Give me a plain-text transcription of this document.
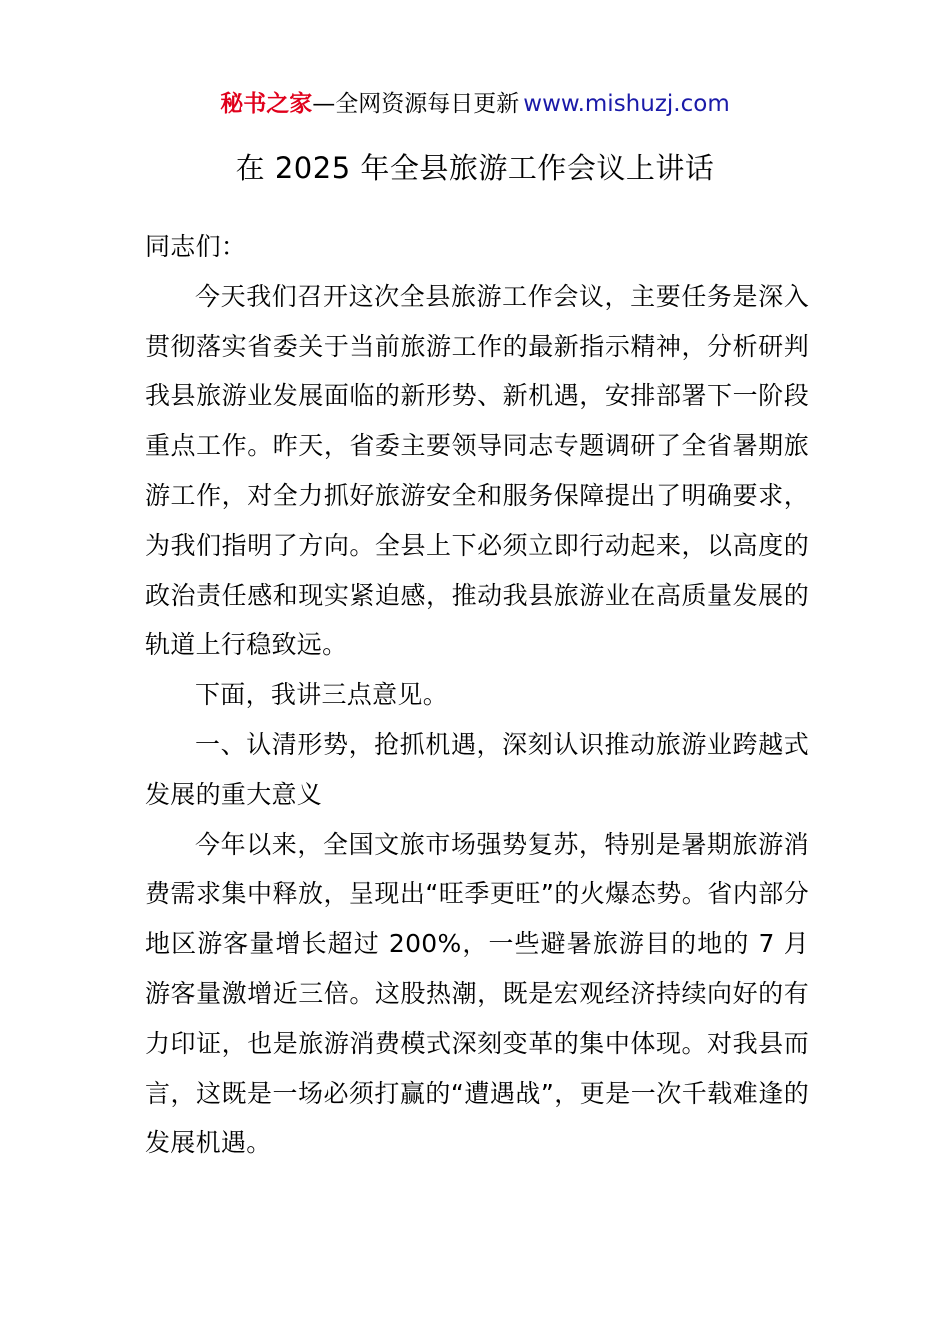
秘书之家—全网资源每日更新 www.mishuzj.com
在 2025 年全县旅游工作会议上讲话

同志们：

今天我们召开这次全县旅游工作会议，主要任务是深入贯彻落实省委关于当前旅游工作的最新指示精神，分析研判我县旅游业发展面临的新形势、新机遇，安排部署下一阶段重点工作。昨天，省委主要领导同志专题调研了全省暑期旅游工作，对全力抓好旅游安全和服务保障提出了明确要求，为我们指明了方向。全县上下必须立即行动起来，以高度的政治责任感和现实紧迫感，推动我县旅游业在高质量发展的轨道上行稳致远。

下面，我讲三点意见。

一、认清形势，抢抓机遇，深刻认识推动旅游业跨越式发展的重大意义

今年以来，全国文旅市场强势复苏，特别是暑期旅游消费需求集中释放，呈现出“旺季更旺”的火爆态势。省内部分地区游客量增长超过 200%，一些避暑旅游目的地的 7 月游客量激增近三倍。这股热潮，既是宏观经济持续向好的有力印证，也是旅游消费模式深刻变革的集中体现。对我县而言，这既是一场必须打赢的“遭遇战”，更是一次千载难逢的发展机遇。
